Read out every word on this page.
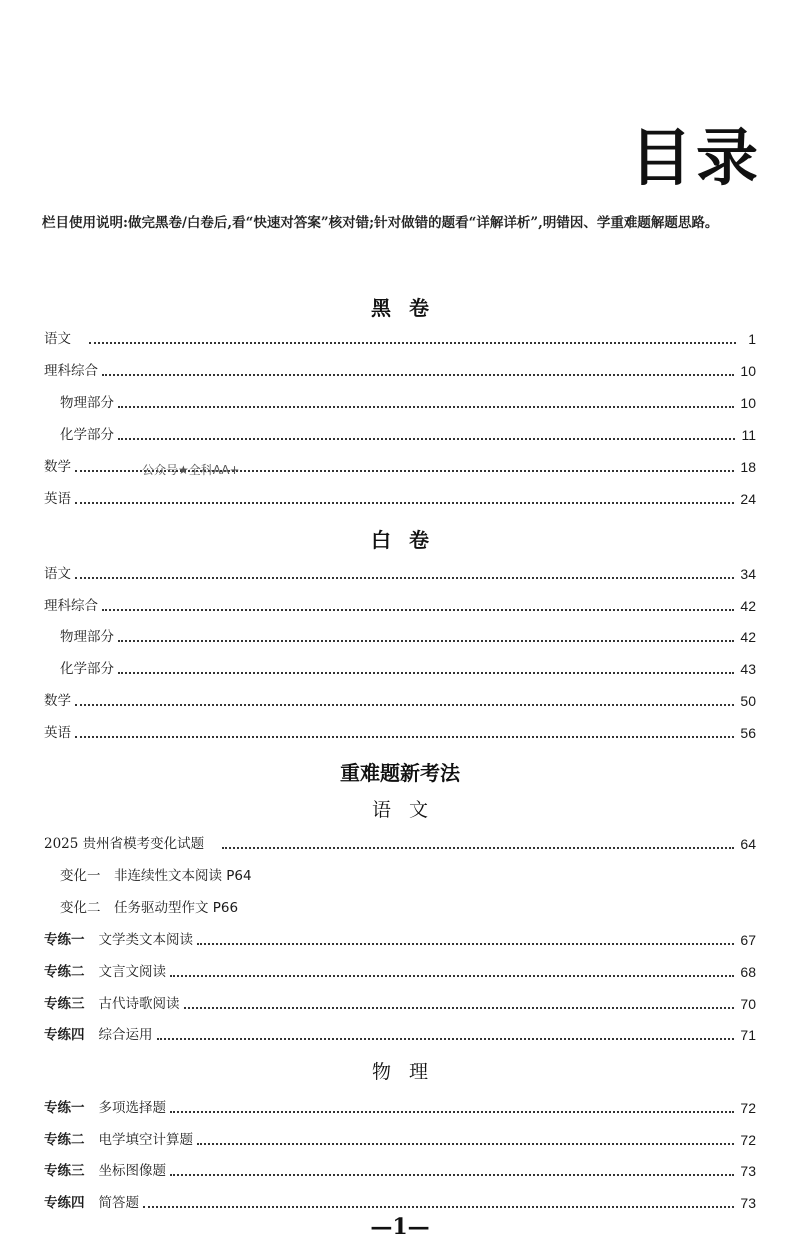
目录

栏目使用说明:做完黑卷/白卷后,看“快速对答案”核对错;针对做错的题看“详解详析”,明错因、学重难题解题思路。

黑卷
语文	1
理科综合	10
物理部分	10
化学部分	11
数学	18
公众号★全科AA+
英语	24
白卷
语文	34
理科综合	42
物理部分	42
化学部分	43
数学	50
英语	56
重难题新考法
语文
2025 贵州省模考变化试题	64
变化一　非连续性文本阅读 P64
变化二　任务驱动型作文 P66
专练一 文学类文本阅读	67
专练二 文言文阅读	68
专练三 古代诗歌阅读	70
专练四 综合运用	71
物理
专练一 多项选择题	72
专练二 电学填空计算题	72
专练三 坐标图像题	73
专练四 简答题	73
—1—
